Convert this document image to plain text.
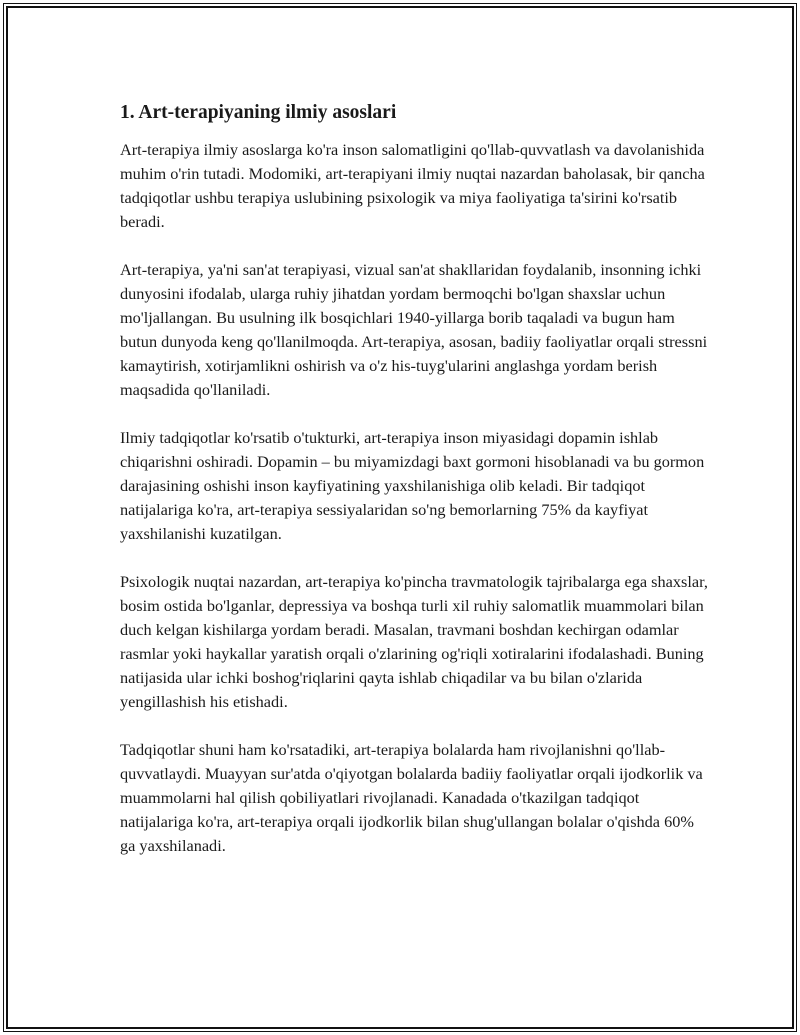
1. Art-terapiyaning ilmiy asoslari

Art-terapiya ilmiy asoslarga ko'ra inson salomatligini qo'llab-quvvatlash va davolanishida muhim o'rin tutadi. Modomiki, art-terapiyani ilmiy nuqtai nazardan baholasak, bir qancha tadqiqotlar ushbu terapiya uslubining psixologik va miya faoliyatiga ta'sirini ko'rsatib beradi.

Art-terapiya, ya'ni san'at terapiyasi, vizual san'at shakllaridan foydalanib, insonning ichki dunyosini ifodalab, ularga ruhiy jihatdan yordam bermoqchi bo'lgan shaxslar uchun mo'ljallangan. Bu usulning ilk bosqichlari 1940-yillarga borib taqaladi va bugun ham butun dunyoda keng qo'llanilmoqda. Art-terapiya, asosan, badiiy faoliyatlar orqali stressni kamaytirish, xotirjamlikni oshirish va o'z his-tuyg'ularini anglashga yordam berish maqsadida qo'llaniladi.

Ilmiy tadqiqotlar ko'rsatib o'tukturki, art-terapiya inson miyasidagi dopamin ishlab chiqarishni oshiradi. Dopamin – bu miyamizdagi baxt gormoni hisoblanadi va bu gormon darajasining oshishi inson kayfiyatining yaxshilanishiga olib keladi. Bir tadqiqot natijalariga ko'ra, art-terapiya sessiyalaridan so'ng bemorlarning 75% da kayfiyat yaxshilanishi kuzatilgan.

Psixologik nuqtai nazardan, art-terapiya ko'pincha travmatologik tajribalarga ega shaxslar, bosim ostida bo'lganlar, depressiya va boshqa turli xil ruhiy salomatlik muammolari bilan duch kelgan kishilarga yordam beradi. Masalan, travmani boshdan kechirgan odamlar rasmlar yoki haykallar yaratish orqali o'zlarining og'riqli xotiralarini ifodalashadi. Buning natijasida ular ichki boshog'riqlarini qayta ishlab chiqadilar va bu bilan o'zlarida yengillashish his etishadi.

Tadqiqotlar shuni ham ko'rsatadiki, art-terapiya bolalarda ham rivojlanishni qo'llab-quvvatlaydi. Muayyan sur'atda o'qiyotgan bolalarda badiiy faoliyatlar orqali ijodkorlik va muammolarni hal qilish qobiliyatlari rivojlanadi. Kanadada o'tkazilgan tadqiqot natijalariga ko'ra, art-terapiya orqali ijodkorlik bilan shug'ullangan bolalar o'qishda 60% ga yaxshilanadi.
